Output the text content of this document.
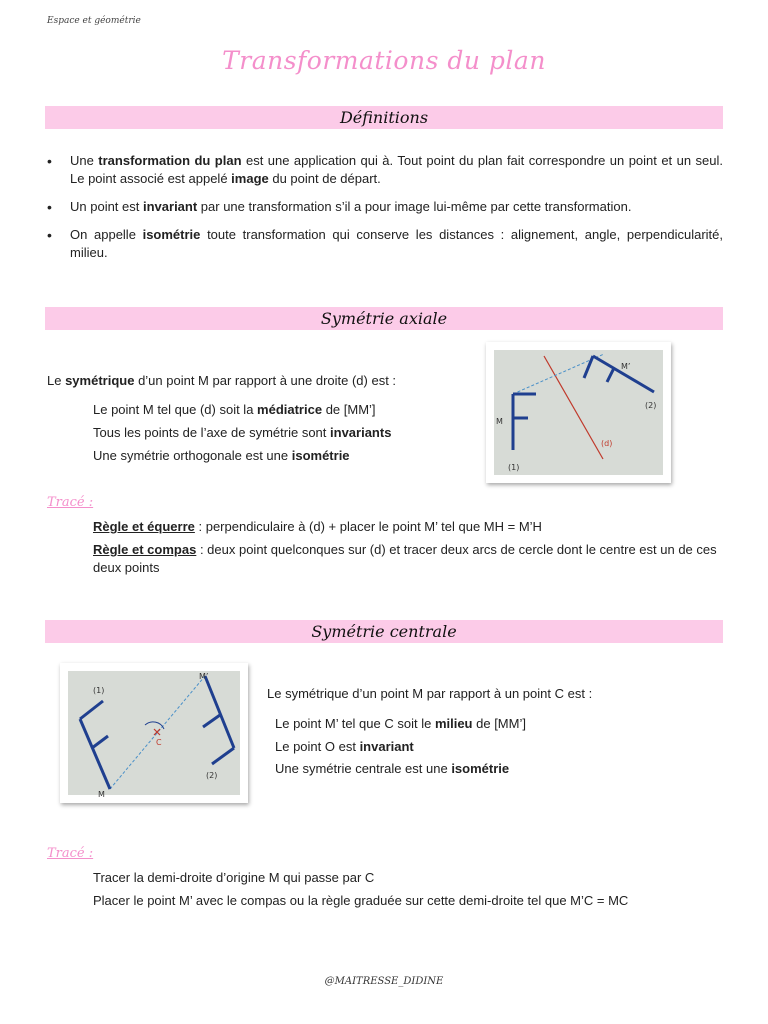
Espace et géométrie
Transformations du plan
Définitions
• Une transformation du plan est une application qui à. Tout point du plan fait correspondre un point et un seul. Le point associé est appelé image du point de départ.
• Un point est invariant par une transformation s’il a pour image lui-même par cette transformation.
• On appelle isométrie toute transformation qui conserve les distances : alignement, angle, perpendicularité, milieu.
Symétrie axiale
Le symétrique d’un point M par rapport à une droite (d) est :
Le point M tel que (d) soit la médiatrice de [MM’]
Tous les points de l’axe de symétrie sont invariants
Une symétrie orthogonale est une isométrie
M
M’
(1)
(2)
(d)
Tracé :
Règle et équerre : perpendiculaire à (d) + placer le point M’ tel que MH = M’H
Règle et compas : deux point quelconques sur (d) et tracer deux arcs de cercle dont le centre est un de ces deux points
Symétrie centrale
M
M’
(1)
(2)
C
Le symétrique d’un point M par rapport à un point C est :
Le point M’ tel que C soit le milieu de [MM’]
Le point O est invariant
Une symétrie centrale est une isométrie
Tracé :
Tracer la demi-droite d’origine M qui passe par C
Placer le point M’ avec le compas ou la règle graduée sur cette demi-droite tel que M’C = MC
@MAITRESSE_DIDINE
